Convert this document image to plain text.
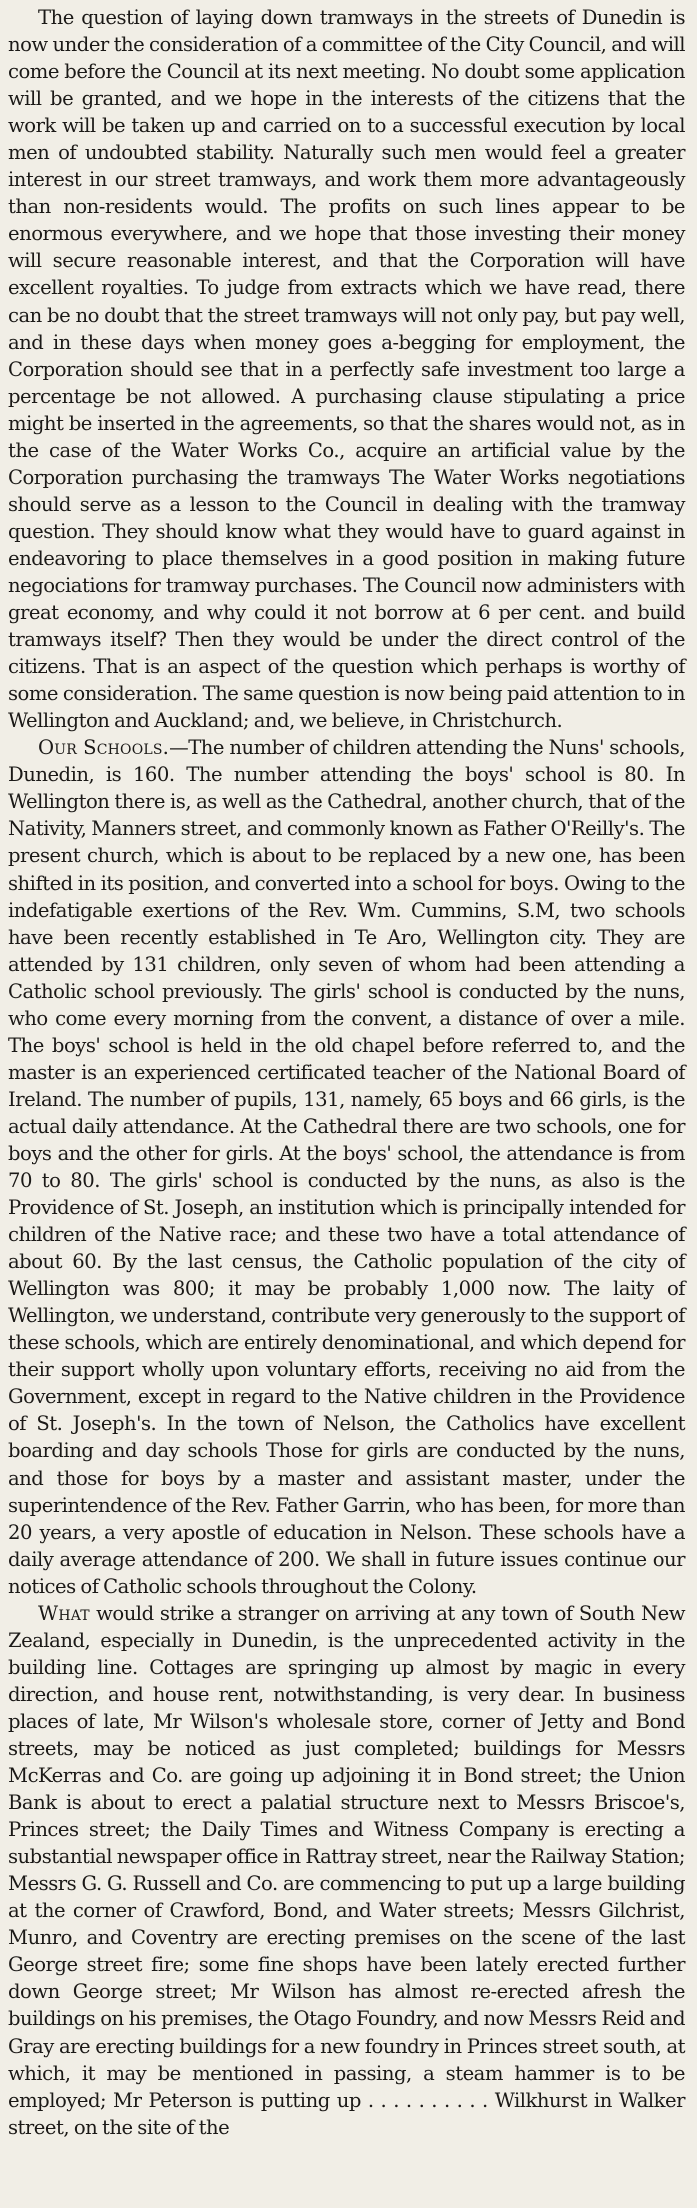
The question of laying down tramways in the streets of Dunedin is now under the consideration of a committee of the City Council, and will come before the Council at its next meeting. No doubt some application will be granted, and we hope in the interests of the citizens that the work will be taken up and carried on to a successful execution by local men of undoubted stability. Naturally such men would feel a greater interest in our street tramways, and work them more advantageously than non-residents would. The profits on such lines appear to be enormous everywhere, and we hope that those investing their money will secure reasonable interest, and that the Corporation will have excellent royalties. To judge from extracts which we have read, there can be no doubt that the street tramways will not only pay, but pay well, and in these days when money goes a-begging for employment, the Corporation should see that in a perfectly safe investment too large a percentage be not allowed. A purchasing clause stipulating a price might be inserted in the agreements, so that the shares would not, as in the case of the Water Works Co., acquire an artificial value by the Corporation purchasing the tramways The Water Works negotiations should serve as a lesson to the Council in dealing with the tramway question. They should know what they would have to guard against in endeavoring to place themselves in a good position in making future negociations for tramway purchases. The Council now administers with great economy, and why could it not borrow at 6 per cent. and build tramways itself? Then they would be under the direct control of the citizens. That is an aspect of the question which perhaps is worthy of some consideration. The same question is now being paid attention to in Wellington and Auckland; and, we believe, in Christchurch.

Our Schools.—The number of children attending the Nuns' schools, Dunedin, is 160. The number attending the boys' school is 80. In Wellington there is, as well as the Cathedral, another church, that of the Nativity, Manners street, and commonly known as Father O'Reilly's. The present church, which is about to be replaced by a new one, has been shifted in its position, and converted into a school for boys. Owing to the indefatigable exertions of the Rev. Wm. Cummins, S.M, two schools have been recently established in Te Aro, Wellington city. They are attended by 131 children, only seven of whom had been attending a Catholic school previously. The girls' school is conducted by the nuns, who come every morning from the convent, a distance of over a mile. The boys' school is held in the old chapel before referred to, and the master is an experienced certificated teacher of the National Board of Ireland. The number of pupils, 131, namely, 65 boys and 66 girls, is the actual daily attendance. At the Cathedral there are two schools, one for boys and the other for girls. At the boys' school, the attendance is from 70 to 80. The girls' school is conducted by the nuns, as also is the Providence of St. Joseph, an institution which is principally intended for children of the Native race; and these two have a total attendance of about 60. By the last census, the Catholic population of the city of Wellington was 800; it may be probably 1,000 now. The laity of Wellington, we understand, contribute very generously to the support of these schools, which are entirely denominational, and which depend for their support wholly upon voluntary efforts, receiving no aid from the Government, except in regard to the Native children in the Providence of St. Joseph's. In the town of Nelson, the Catholics have excellent boarding and day schools Those for girls are conducted by the nuns, and those for boys by a master and assistant master, under the superintendence of the Rev. Father Garrin, who has been, for more than 20 years, a very apostle of education in Nelson. These schools have a daily average attendance of 200. We shall in future issues continue our notices of Catholic schools throughout the Colony.

What would strike a stranger on arriving at any town of South New Zealand, especially in Dunedin, is the unprecedented activity in the building line. Cottages are springing up almost by magic in every direction, and house rent, notwithstanding, is very dear. In business places of late, Mr Wilson's wholesale store, corner of Jetty and Bond streets, may be noticed as just completed; buildings for Messrs McKerras and Co. are going up adjoining it in Bond street; the Union Bank is about to erect a palatial structure next to Messrs Briscoe's, Princes street; the Daily Times and Witness Company is erecting a substantial newspaper office in Rattray street, near the Railway Station; Messrs G. G. Russell and Co. are commencing to put up a large building at the corner of Crawford, Bond, and Water streets; Messrs Gilchrist, Munro, and Coventry are erecting premises on the scene of the last George street fire; some fine shops have been lately erected further down George street; Mr Wilson has almost re-erected afresh the buildings on his premises, the Otago Foundry, and now Messrs Reid and Gray are erecting buildings for a new foundry in Princes street south, at which, it may be mentioned in passing, a steam hammer is to be employed; Mr Peterson is putting up . . . . . . . . . . Wilkhurst in Walker street, on the site of the
